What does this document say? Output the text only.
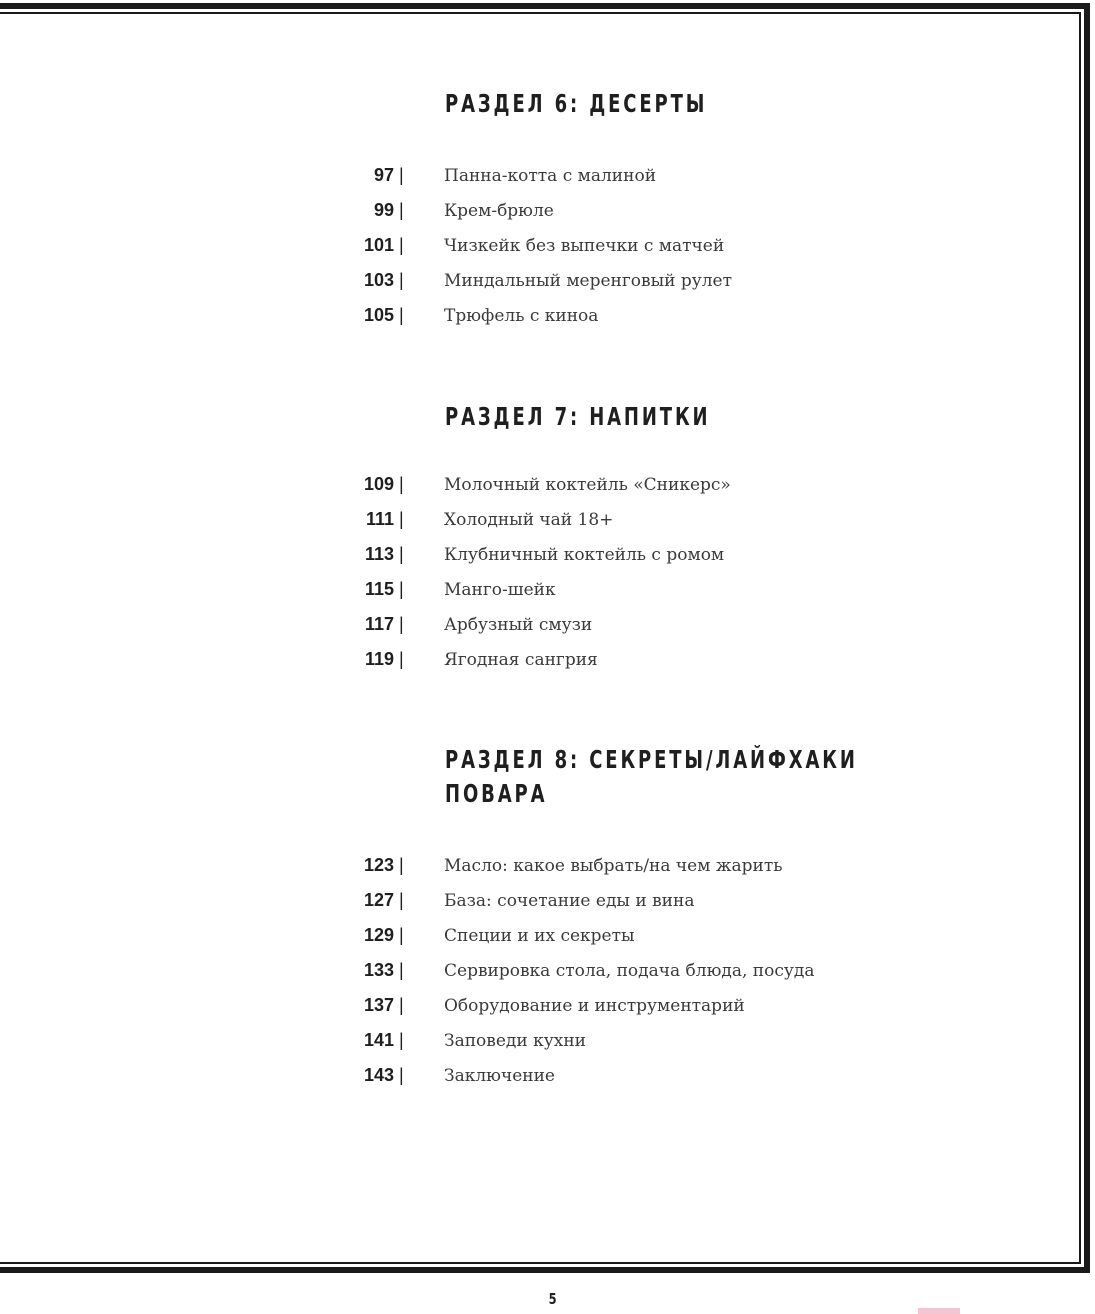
РАЗДЕЛ 6: ДЕСЕРТЫ
97 | Панна-котта с малиной
99 | Крем-брюле
101 | Чизкейк без выпечки с матчей
103 | Миндальный меренговый рулет
105 | Трюфель с киноа
РАЗДЕЛ 7: НАПИТКИ
109 | Молочный коктейль «Сникерс»
111 | Холодный чай 18+
113 | Клубничный коктейль с ромом
115 | Манго-шейк
117 | Арбузный смузи
119 | Ягодная сангрия
РАЗДЕЛ 8: СЕКРЕТЫ/ЛАЙФХАКИ
ПОВАРА
123 | Масло: какое выбрать/на чем жарить
127 | База: сочетание еды и вина
129 | Специи и их секреты
133 | Сервировка стола, подача блюда, посуда
137 | Оборудование и инструментарий
141 | Заповеди кухни
143 | Заключение
5
